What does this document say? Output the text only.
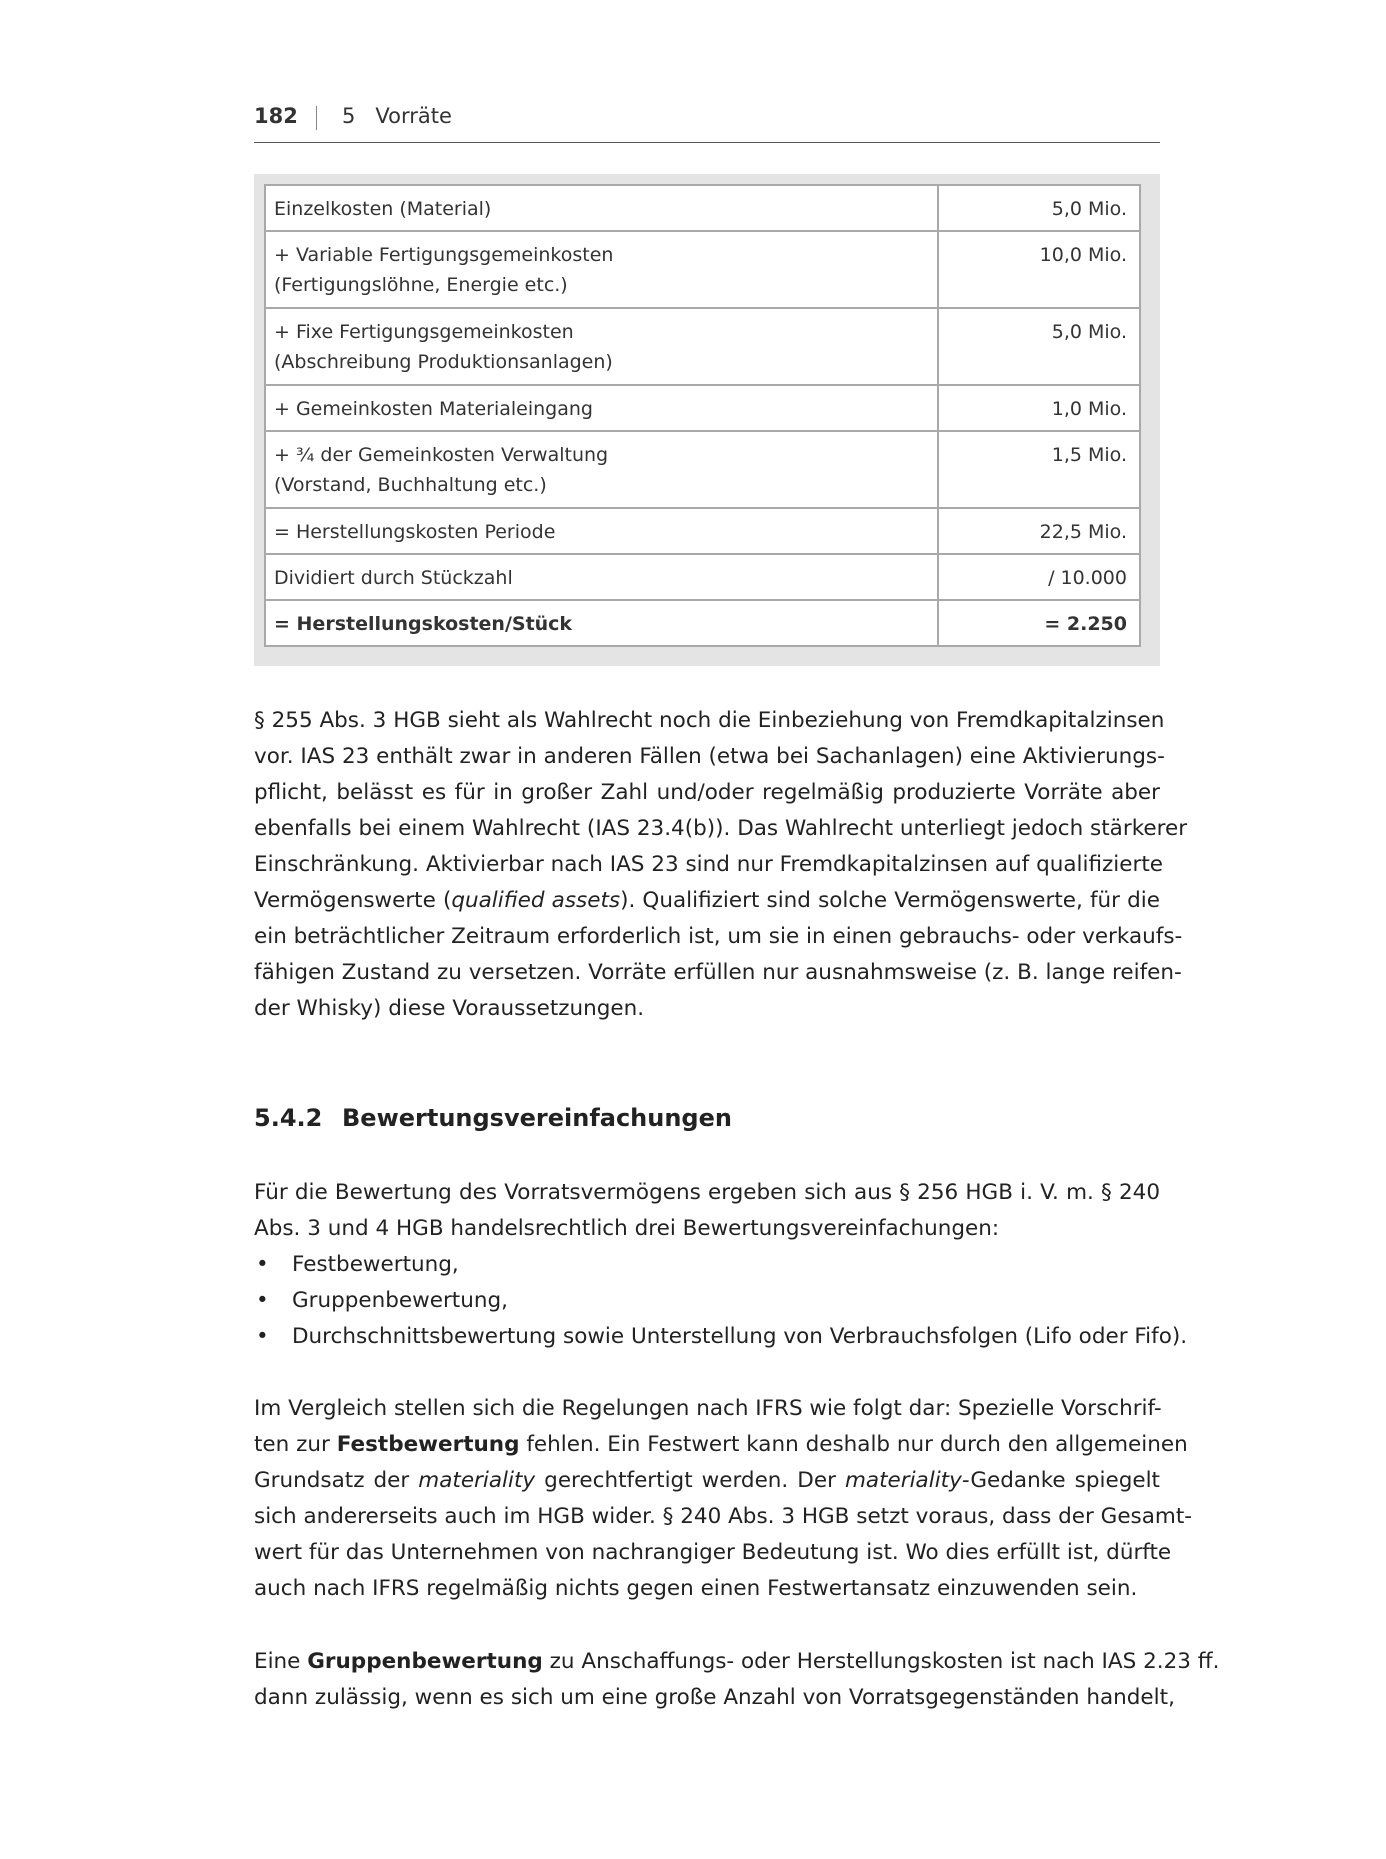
182 5 Vorräte
Einzelkosten (Material)	5,0 Mio.
+ Variable Fertigungsgemeinkosten
(Fertigungslöhne, Energie etc.)	10,0 Mio.
+ Fixe Fertigungsgemeinkosten
(Abschreibung Produktionsanlagen)	5,0 Mio.
+ Gemeinkosten Materialeingang	1,0 Mio.
+ ¾ der Gemeinkosten Verwaltung
(Vorstand, Buchhaltung etc.)	1,5 Mio.
= Herstellungskosten Periode	22,5 Mio.
Dividiert durch Stückzahl	/ 10.000
= Herstellungskosten/Stück	= 2.250
§ 255 Abs. 3 HGB sieht als Wahlrecht noch die Einbeziehung von Fremdkapitalzinsen
vor. IAS 23 enthält zwar in anderen Fällen (etwa bei Sachanlagen) eine Aktivierungs-
pflicht, belässt es für in großer Zahl und/oder regelmäßig produzierte Vorräte aber
ebenfalls bei einem Wahlrecht (IAS 23.4(b)). Das Wahlrecht unterliegt jedoch stärkerer
Einschränkung. Aktivierbar nach IAS 23 sind nur Fremdkapitalzinsen auf qualifizierte
Vermögenswerte (qualified assets). Qualifiziert sind solche Vermögenswerte, für die
ein beträchtlicher Zeitraum erforderlich ist, um sie in einen gebrauchs- oder verkaufs-
fähigen Zustand zu versetzen. Vorräte erfüllen nur ausnahmsweise (z. B. lange reifen-
der Whisky) diese Voraussetzungen.
5.4.2 Bewertungsvereinfachungen
Für die Bewertung des Vorratsvermögens ergeben sich aus § 256 HGB i. V. m. § 240
Abs. 3 und 4 HGB handelsrechtlich drei Bewertungsvereinfachungen:
• Festbewertung,
• Gruppenbewertung,
• Durchschnittsbewertung sowie Unterstellung von Verbrauchsfolgen (Lifo oder Fifo).
Im Vergleich stellen sich die Regelungen nach IFRS wie folgt dar: Spezielle Vorschrif-
ten zur Festbewertung fehlen. Ein Festwert kann deshalb nur durch den allgemeinen
Grundsatz der materiality gerechtfertigt werden. Der materiality-Gedanke spiegelt
sich andererseits auch im HGB wider. § 240 Abs. 3 HGB setzt voraus, dass der Gesamt-
wert für das Unternehmen von nachrangiger Bedeutung ist. Wo dies erfüllt ist, dürfte
auch nach IFRS regelmäßig nichts gegen einen Festwertansatz einzuwenden sein.
Eine Gruppenbewertung zu Anschaffungs- oder Herstellungskosten ist nach IAS 2.23 ff.
dann zulässig, wenn es sich um eine große Anzahl von Vorratsgegenständen handelt,
